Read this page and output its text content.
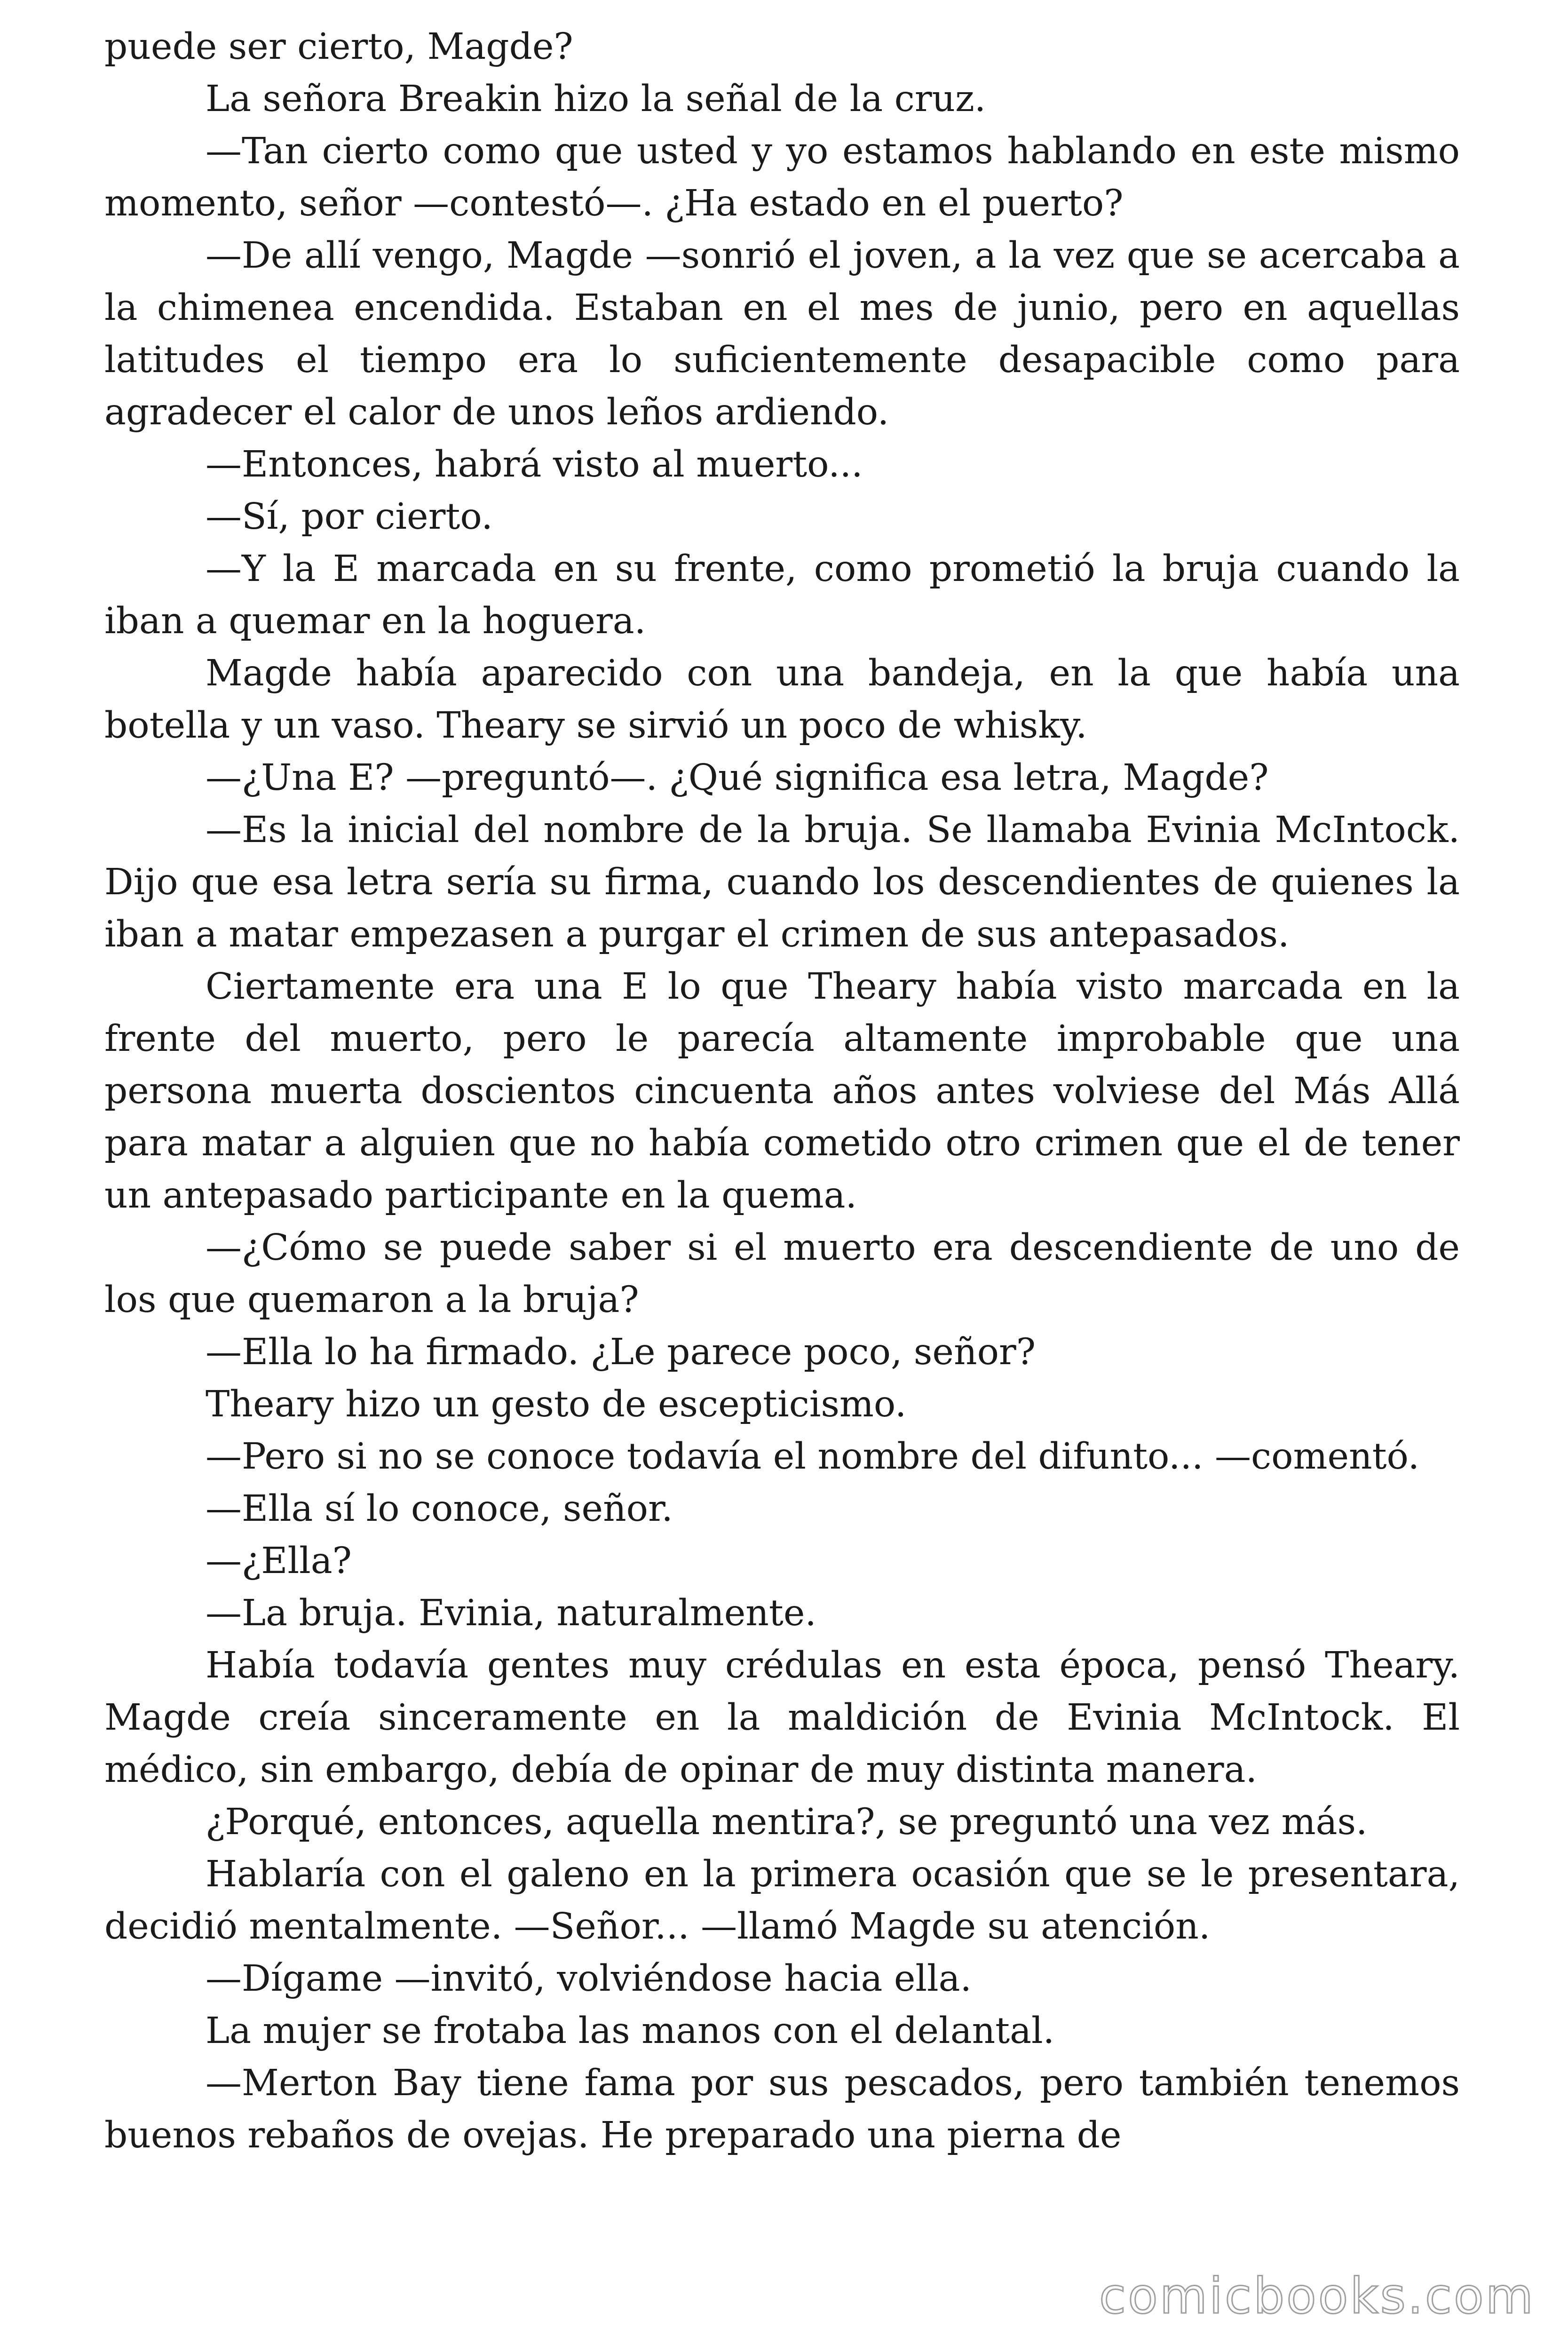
puede ser cierto, Magde?

La señora Breakin hizo la señal de la cruz.

—Tan cierto como que usted y yo estamos hablando en este mismo momento, señor —contestó—. ¿Ha estado en el puerto?

—De allí vengo, Magde —sonrió el joven, a la vez que se acercaba a la chimenea encendida. Estaban en el mes de junio, pero en aquellas latitudes el tiempo era lo suficientemente desapacible como para agradecer el calor de unos leños ardiendo.

—Entonces, habrá visto al muerto...

—Sí, por cierto.

—Y la E marcada en su frente, como prometió la bruja cuando la iban a quemar en la hoguera.

Magde había aparecido con una bandeja, en la que había una botella y un vaso. Theary se sirvió un poco de whisky.

—¿Una E? —preguntó—. ¿Qué significa esa letra, Magde?

—Es la inicial del nombre de la bruja. Se llamaba Evinia McIntock. Dijo que esa letra sería su firma, cuando los descendientes de quienes la iban a matar empezasen a purgar el crimen de sus antepasados.

Ciertamente era una E lo que Theary había visto marcada en la frente del muerto, pero le parecía altamente improbable que una persona muerta doscientos cincuenta años antes volviese del Más Allá para matar a alguien que no había cometido otro crimen que el de tener un antepasado participante en la quema.

—¿Cómo se puede saber si el muerto era descendiente de uno de los que quemaron a la bruja?

—Ella lo ha firmado. ¿Le parece poco, señor?

Theary hizo un gesto de escepticismo.

—Pero si no se conoce todavía el nombre del difunto... —comentó.

—Ella sí lo conoce, señor.

—¿Ella?

—La bruja. Evinia, naturalmente.

Había todavía gentes muy crédulas en esta época, pensó Theary. Magde creía sinceramente en la maldición de Evinia McIntock. El médico, sin embargo, debía de opinar de muy distinta manera.

¿Porqué, entonces, aquella mentira?, se preguntó una vez más.

Hablaría con el galeno en la primera ocasión que se le presentara, decidió mentalmente. —Señor... —llamó Magde su atención.

—Dígame —invitó, volviéndose hacia ella.

La mujer se frotaba las manos con el delantal.

—Merton Bay tiene fama por sus pescados, pero también tenemos buenos rebaños de ovejas. He preparado una pierna de

comicbooks.com
